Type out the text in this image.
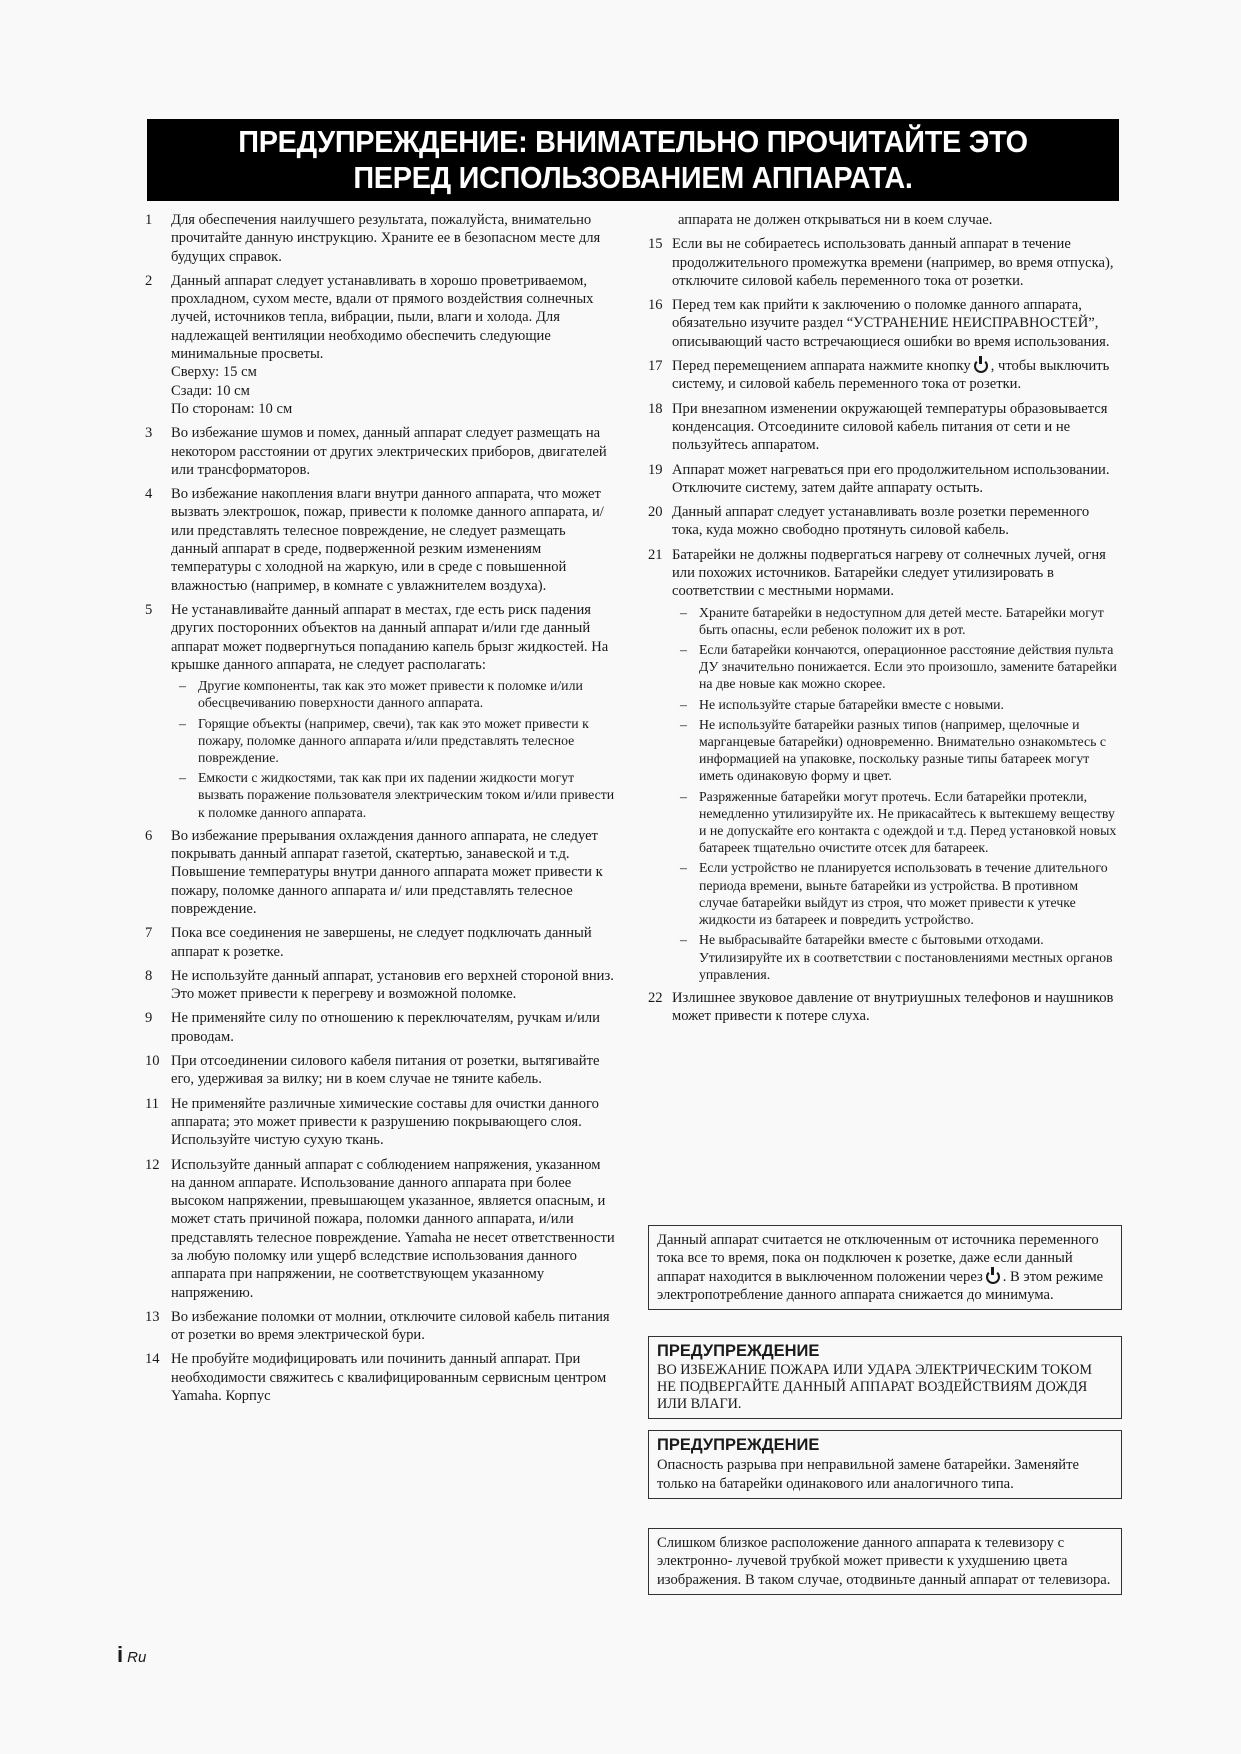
ПРЕДУПРЕЖДЕНИЕ: ВНИМАТЕЛЬНО ПРОЧИТАЙТЕ ЭТО
ПЕРЕД ИСПОЛЬЗОВАНИЕМ АППАРАТА.
1	Для обеспечения наилучшего результата, пожалуйста, внимательно прочитайте данную инструкцию. Храните ее в безопасном месте для будущих справок.
2	Данный аппарат следует устанавливать в хорошо проветриваемом, прохладном, сухом месте, вдали от прямого воздействия солнечных лучей, источников тепла, вибрации, пыли, влаги и холода. Для надлежащей вентиляции необходимо обеспечить следующие минимальные просветы.
Сверху: 15 см
Сзади: 10 см
По сторонам: 10 см
3	Во избежание шумов и помех, данный аппарат следует размещать на некотором расстоянии от других электрических приборов, двигателей или трансформаторов.
4	Во избежание накопления влаги внутри данного аппарата, что может вызвать электрошок, пожар, привести к поломке данного аппарата, и/ или представлять телесное повреждение, не следует размещать данный аппарат в среде, подверженной резким изменениям температуры с холодной на жаркую, или в среде с повышенной влажностью (например, в комнате с увлажнителем воздуха).
5	Не устанавливайте данный аппарат в местах, где есть риск падения других посторонних объектов на данный аппарат и/или где данный аппарат может подвергнуться попаданию капель брызг жидкостей. На крышке данного аппарата, не следует располагать:
– Другие компоненты, так как это может привести к поломке и/или обесцвечиванию поверхности данного аппарата.
– Горящие объекты (например, свечи), так как это может привести к пожару, поломке данного аппарата и/или представлять телесное повреждение.
– Емкости с жидкостями, так как при их падении жидкости могут вызвать поражение пользователя электрическим током и/или привести к поломке данного аппарата.
6	Во избежание прерывания охлаждения данного аппарата, не следует покрывать данный аппарат газетой, скатертью, занавеской и т.д. Повышение температуры внутри данного аппарата может привести к пожару, поломке данного аппарата и/ или представлять телесное повреждение.
7	Пока все соединения не завершены, не следует подключать данный аппарат к розетке.
8	Не используйте данный аппарат, установив его верхней стороной вниз. Это может привести к перегреву и возможной поломке.
9	Не применяйте силу по отношению к переключателям, ручкам и/или проводам.
10 При отсоединении силового кабеля питания от розетки, вытягивайте его, удерживая за вилку; ни в коем случае не тяните кабель.
11 Не применяйте различные химические составы для очистки данного аппарата; это может привести к разрушению покрывающего слоя. Используйте чистую сухую ткань.
12 Используйте данный аппарат с соблюдением напряжения, указанном на данном аппарате. Использование данного аппарата при более высоком напряжении, превышающем указанное, является опасным, и может стать причиной пожара, поломки данного аппарата, и/или представлять телесное повреждение. Yamaha не несет ответственности за любую поломку или ущерб вследствие использования данного аппарата при напряжении, не соответствующем указанному напряжению.
13 Во избежание поломки от молнии, отключите силовой кабель питания от розетки во время электрической бури.
14 Не пробуйте модифицировать или починить данный аппарат. При необходимости свяжитесь с квалифицированным сервисным центром Yamaha. Корпус
аппарата не должен открываться ни в коем случае.
15 Если вы не собираетесь использовать данный аппарат в течение продолжительного промежутка времени (например, во время отпуска), отключите силовой кабель переменного тока от розетки.
16 Перед тем как прийти к заключению о поломке данного аппарата, обязательно изучите раздел “УСТРАНЕНИЕ НЕИСПРАВНОСТЕЙ”, описывающий часто встречающиеся ошибки во время использования.
17 Перед перемещением аппарата нажмите кнопку , чтобы выключить систему, и силовой кабель переменного тока от розетки.
18 При внезапном изменении окружающей температуры образовывается конденсация. Отсоедините силовой кабель питания от сети и не пользуйтесь аппаратом.
19 Аппарат может нагреваться при его продолжительном использовании. Отключите систему, затем дайте аппарату остыть.
20 Данный аппарат следует устанавливать возле розетки переменного тока, куда можно свободно протянуть силовой кабель.
21 Батарейки не должны подвергаться нагреву от солнечных лучей, огня или похожих источников. Батарейки следует утилизировать в соответствии с местными нормами.
– Храните батарейки в недоступном для детей месте. Батарейки могут быть опасны, если ребенок положит их в рот.
– Если батарейки кончаются, операционное расстояние действия пульта ДУ значительно понижается. Если это произошло, замените батарейки на две новые как можно скорее.
– Не используйте старые батарейки вместе с новыми.
– Не используйте батарейки разных типов (например, щелочные и марганцевые батарейки) одновременно. Внимательно ознакомьтесь с информацией на упаковке, поскольку разные типы батареек могут иметь одинаковую форму и цвет.
– Разряженные батарейки могут протечь. Если батарейки протекли, немедленно утилизируйте их. Не прикасайтесь к вытекшему веществу и не допускайте его контакта с одеждой и т.д. Перед установкой новых батареек тщательно очистите отсек для батареек.
– Если устройство не планируется использовать в течение длительного периода времени, выньте батарейки из устройства. В противном случае батарейки выйдут из строя, что может привести к утечке жидкости из батареек и повредить устройство.
– Не выбрасывайте батарейки вместе с бытовыми отходами. Утилизируйте их в соответствии с постановлениями местных органов управления.
22 Излишнее звуковое давление от внутриушных телефонов и наушников может привести к потере слуха.
Данный аппарат считается не отключенным от источника переменного тока все то время, пока он подключен к розетке, даже если данный аппарат находится в выключенном положении через . В этом режиме электропотребление данного аппарата снижается до минимума.
ПРЕДУПРЕЖДЕНИЕ
ВО ИЗБЕЖАНИЕ ПОЖАРА ИЛИ УДАРА ЭЛЕКТРИЧЕСКИМ ТОКОМ НЕ ПОДВЕРГАЙТЕ ДАННЫЙ АППАРАТ ВОЗДЕЙСТВИЯМ ДОЖДЯ ИЛИ ВЛАГИ.
ПРЕДУПРЕЖДЕНИЕ
Опасность разрыва при неправильной замене батарейки. Заменяйте только на батарейки одинакового или аналогичного типа.
Слишком близкое расположение данного аппарата к телевизору с электронно- лучевой трубкой может привести к ухудшению цвета изображения. В таком случае, отодвиньте данный аппарат от телевизора.
i Ru
